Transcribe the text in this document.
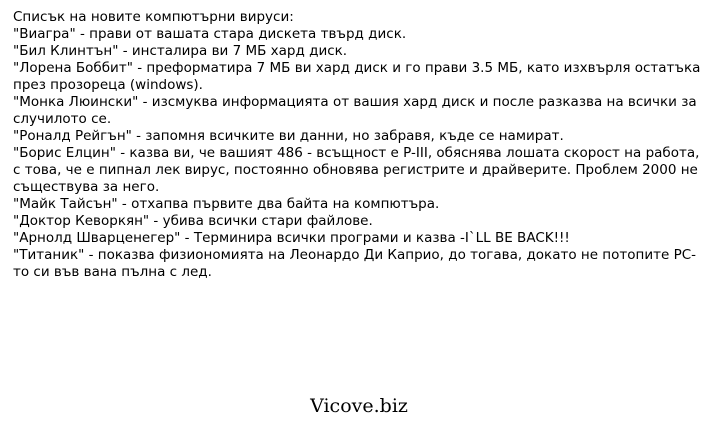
Списък на новите компютърни вируси:
"Виагра" - прави от вашата стара дискета твърд диск.
"Бил Клинтън" - инсталира ви 7 МБ хард диск.
"Лорена Боббит" - преформатира 7 МБ ви хард диск и го прави 3.5 МБ, като изхвърля остатъка през прозореца (windows).
"Монка Люински" - изсмуква информацията от вашия хард диск и после разказва на всички за случилото се.
"Роналд Рейгън" - запомня всичките ви данни, но забравя, къде се намират.
"Борис Елцин" - казва ви, че вашият 486 - всъщност е P-III, обяснява лошата скорост на работа, с това, че е пипнал лек вирус, постоянно обновява регистрите и драйверите. Проблем 2000 не съществува за него.
"Майк Тайсън" - отхапва първите два байта на компютъра.
"Доктор Кеворкян" - убива всички стари файлове.
"Арнолд Шварценегер" - Терминира всички програми и казва -I`LL BE BACK!!!
"Титаник" - показва физиономията на Леонардо Ди Каприо, до тогава, докато не потопите PC-то си във вана пълна с лед.
Vicove.biz
